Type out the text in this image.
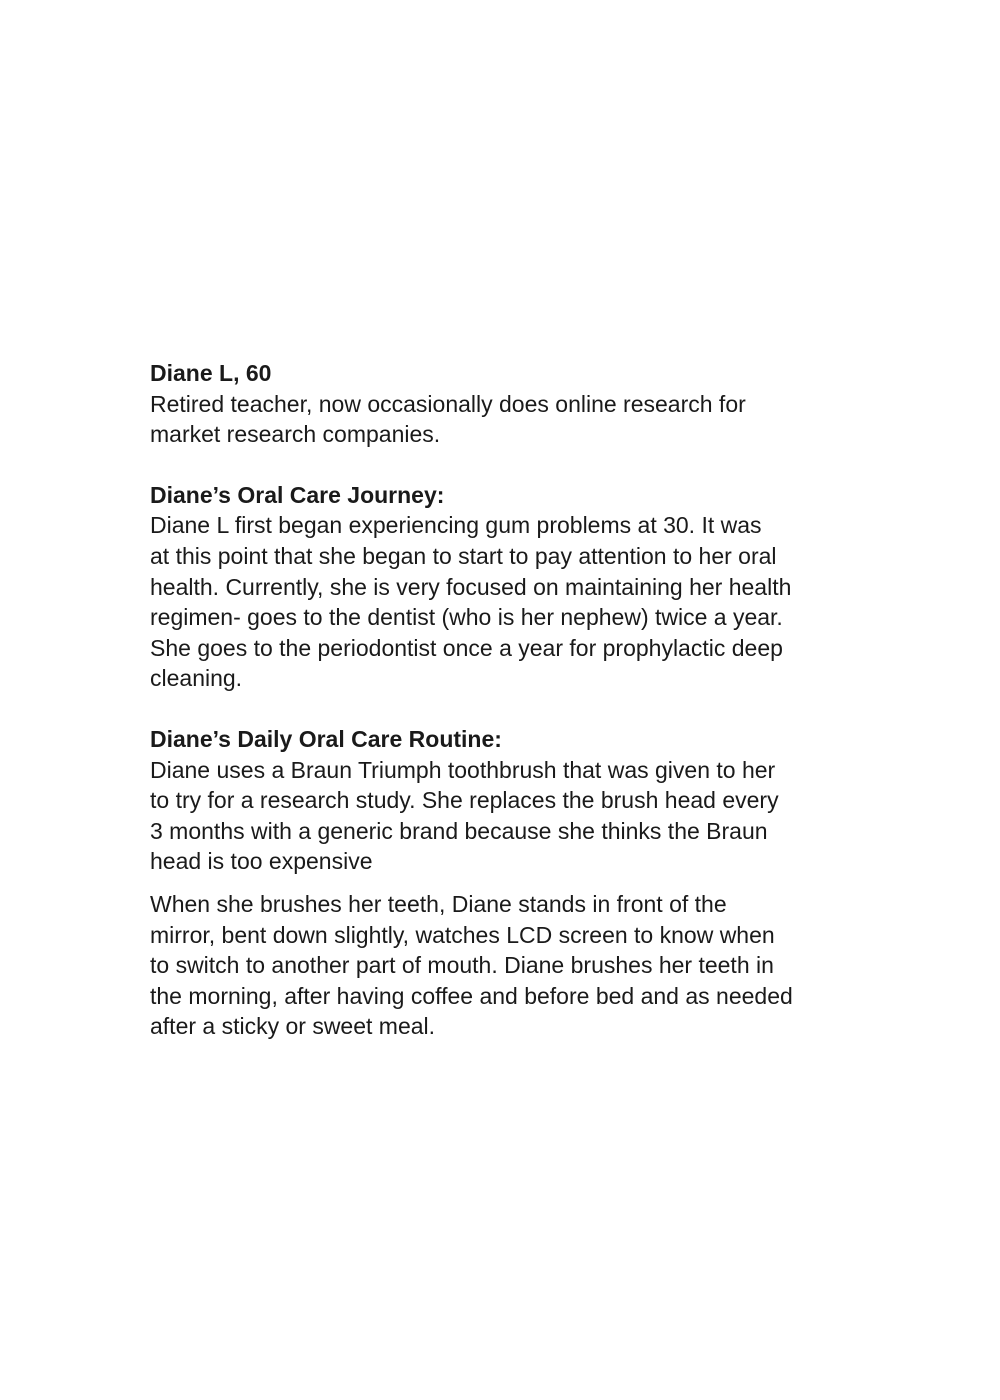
Diane L, 60

Retired teacher, now occasionally does online research for
market research companies.

Diane’s Oral Care Journey:

Diane L first began experiencing gum problems at 30. It was
at this point that she began to start to pay attention to her oral
health. Currently, she is very focused on maintaining her health
regimen- goes to the dentist (who is her nephew) twice a year.
She goes to the periodontist once a year for prophylactic deep
cleaning.

Diane’s Daily Oral Care Routine:

Diane uses a Braun Triumph toothbrush that was given to her
to try for a research study. She replaces the brush head every
3 months with a generic brand because she thinks the Braun
head is too expensive

When she brushes her teeth, Diane stands in front of the
mirror, bent down slightly, watches LCD screen to know when
to switch to another part of mouth. Diane brushes her teeth in
the morning, after having coffee and before bed and as needed
after a sticky or sweet meal.
